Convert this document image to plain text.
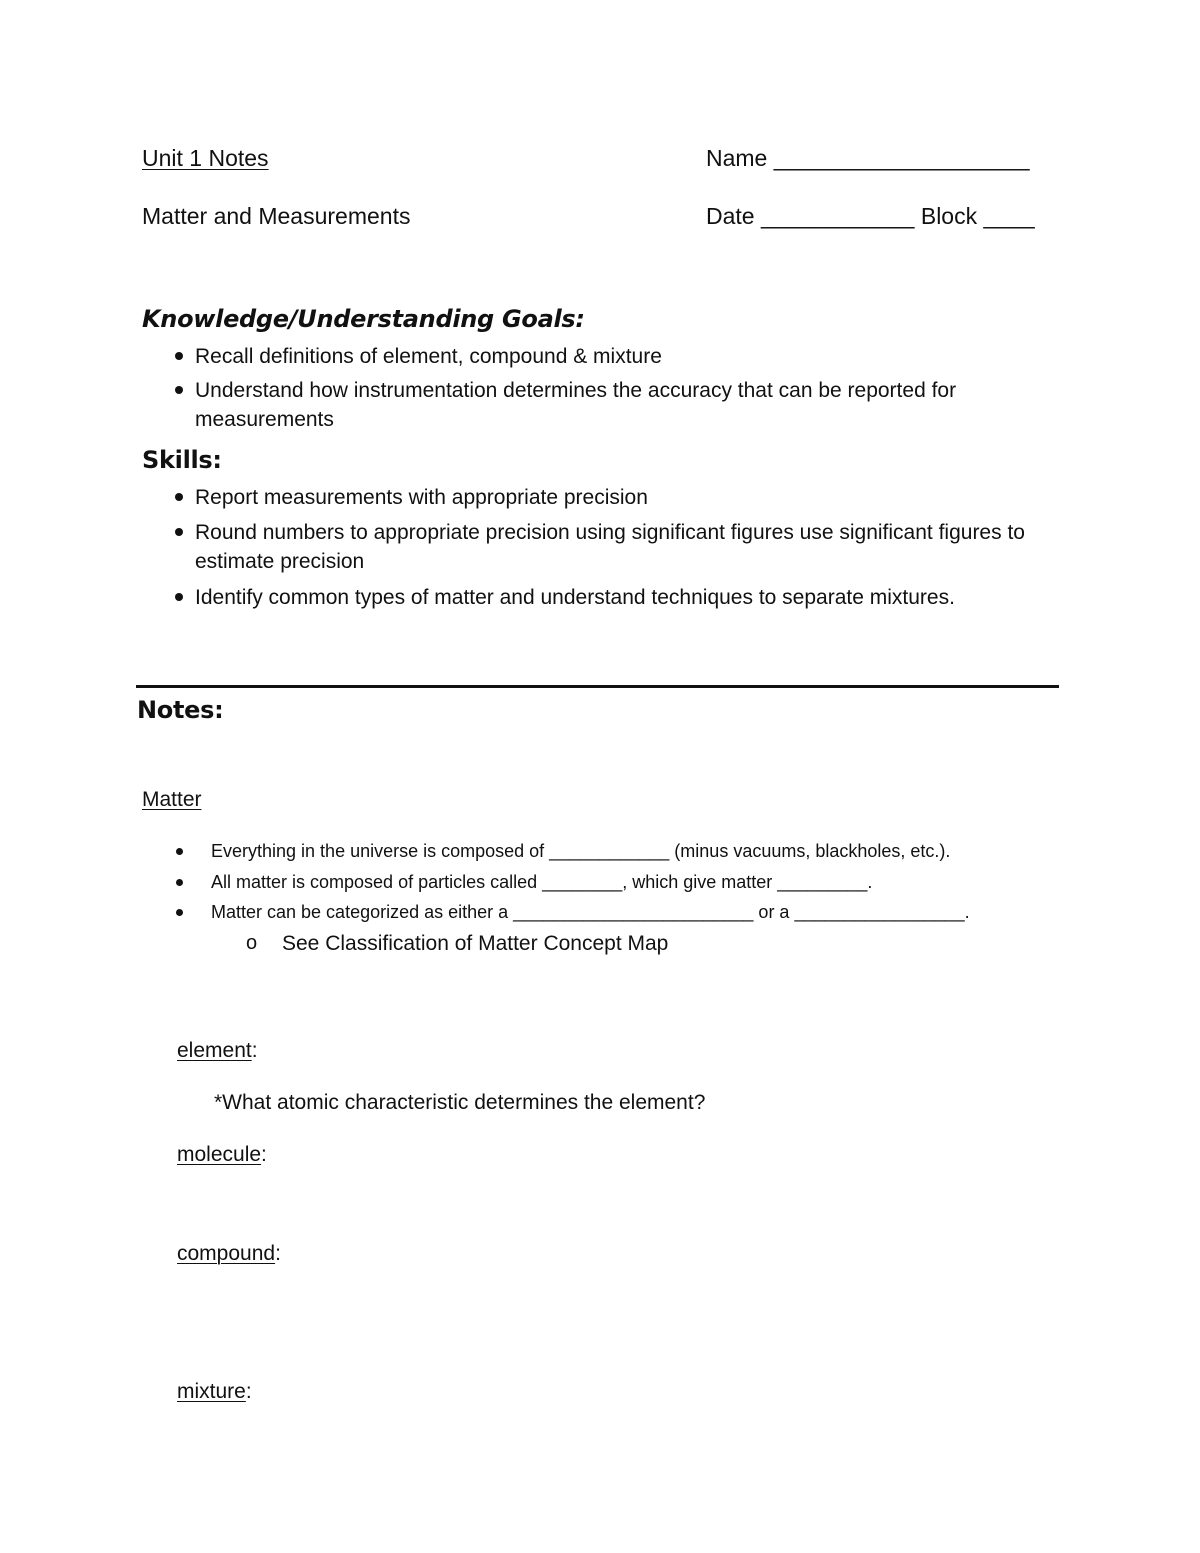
Unit 1 Notes	Name ____________________
Matter and Measurements	Date ____________ Block ____
Knowledge/Understanding Goals:
Recall definitions of element, compound & mixture
Understand how instrumentation determines the accuracy that can be reported for
measurements
Skills:
Report measurements with appropriate precision
Round numbers to appropriate precision using significant figures use significant figures to
estimate precision
Identify common types of matter and understand techniques to separate mixtures.
Notes:
Matter
Everything in the universe is composed of ____________ (minus vacuums, blackholes, etc.).
All matter is composed of particles called ________, which give matter _________.
Matter can be categorized as either a ________________________ or a _________________.
o See Classification of Matter Concept Map
element:
*What atomic characteristic determines the element?
molecule:
compound:
mixture:
